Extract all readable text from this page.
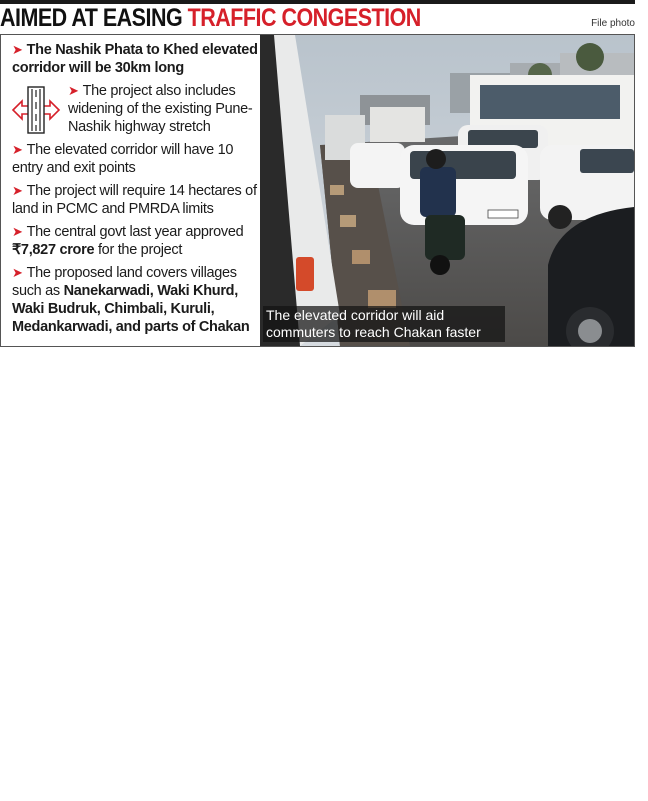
AIMED AT EASING TRAFFIC CONGESTION	File photo
➤ The Nashik Phata to Khed elevated corridor will be 30km long
➤ The project also includes widening of the existing Pune-Nashik highway stretch
➤ The elevated corridor will have 10 entry and exit points
➤ The project will require 14 hectares of land in PCMC and PMRDA limits
➤ The central govt last year approved ₹7,827 crore for the project
➤ The proposed land covers villages such as Nanekarwadi, Waki Khurd, Waki Budruk, Chimbali, Kuruli, Medankarwadi, and parts of Chakan
The elevated corridor will aid commuters to reach Chakan faster
